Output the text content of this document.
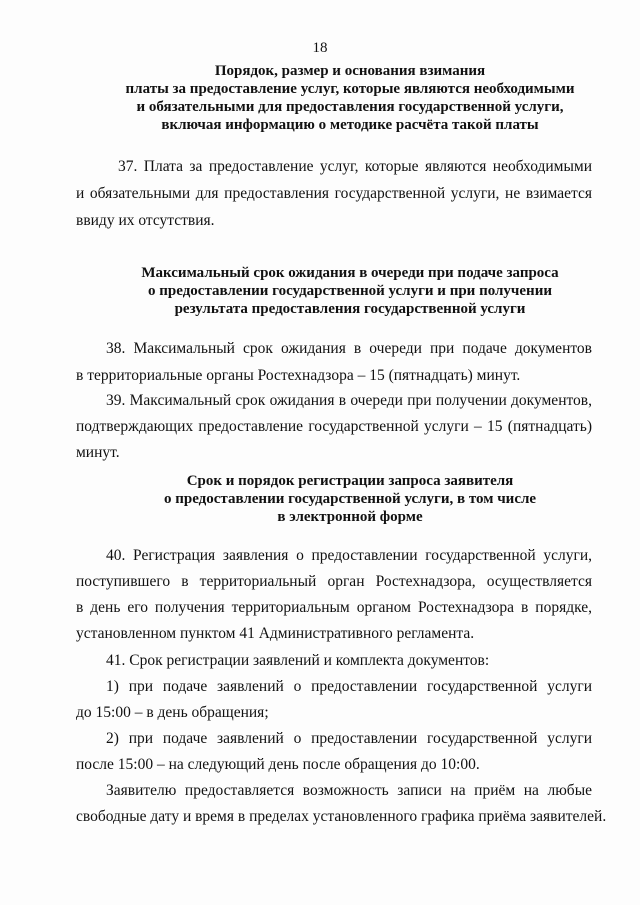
18
Порядок, размер и основания взимания
платы за предоставление услуг, которые являются необходимыми
и обязательными для предоставления государственной услуги,
включая информацию о методике расчёта такой платы
37. Плата за предоставление услуг, которые являются необходимыми
и обязательными для предоставления государственной услуги, не взимается
ввиду их отсутствия.
Максимальный срок ожидания в очереди при подаче запроса
о предоставлении государственной услуги и при получении
результата предоставления государственной услуги
38. Максимальный срок ожидания в очереди при подаче документов
в территориальные органы Ростехнадзора – 15 (пятнадцать) минут.
39. Максимальный срок ожидания в очереди при получении документов,
подтверждающих предоставление государственной услуги – 15 (пятнадцать)
минут.
Срок и порядок регистрации запроса заявителя
о предоставлении государственной услуги, в том числе
в электронной форме
40. Регистрация заявления о предоставлении государственной услуги,
поступившего в территориальный орган Ростехнадзора, осуществляется
в день его получения территориальным органом Ростехнадзора в порядке,
установленном пунктом 41 Административного регламента.
41. Срок регистрации заявлений и комплекта документов:
1) при подаче заявлений о предоставлении государственной услуги
до 15:00 – в день обращения;
2) при подаче заявлений о предоставлении государственной услуги
после 15:00 – на следующий день после обращения до 10:00.
Заявителю предоставляется возможность записи на приём на любые
свободные дату и время в пределах установленного графика приёма заявителей.
